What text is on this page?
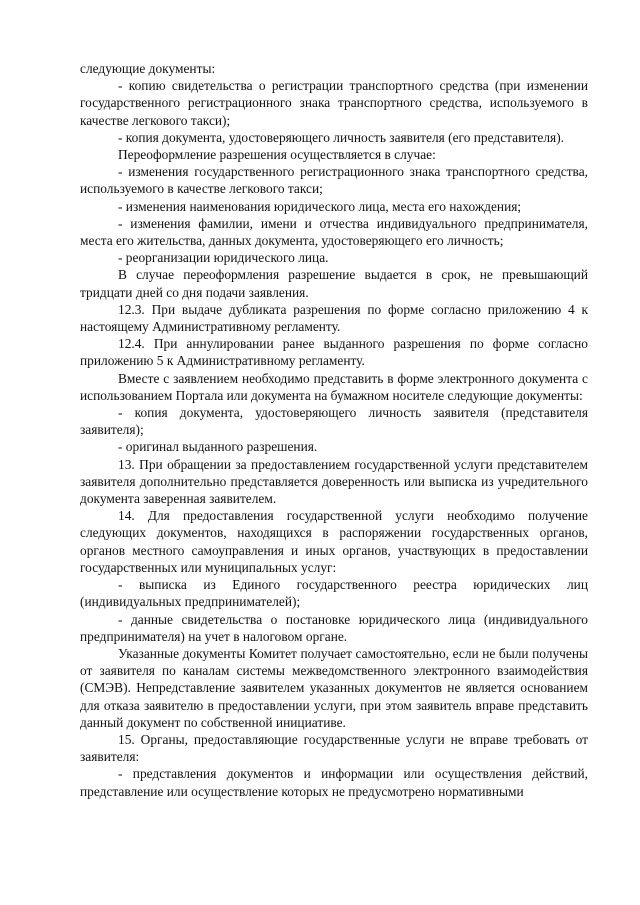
следующие документы:

- копию свидетельства о регистрации транспортного средства (при изменении государственного регистрационного знака транспортного средства, используемого в качестве легкового такси);

- копия документа, удостоверяющего личность заявителя (его представителя).

Переоформление разрешения осуществляется в случае:

- изменения государственного регистрационного знака транспортного средства, используемого в качестве легкового такси;

- изменения наименования юридического лица, места его нахождения;

- изменения фамилии, имени и отчества индивидуального предпринимателя, места его жительства, данных документа, удостоверяющего его личность;

- реорганизации юридического лица.

В случае переоформления разрешение выдается в срок, не превышающий тридцати дней со дня подачи заявления.

12.3. При выдаче дубликата разрешения по форме согласно приложению 4 к настоящему Административному регламенту.

12.4. При аннулировании ранее выданного разрешения по форме согласно приложению 5 к Административному регламенту.

Вместе с заявлением необходимо представить в форме электронного документа с использованием Портала или документа на бумажном носителе следующие документы:

- копия документа, удостоверяющего личность заявителя (представителя заявителя);

- оригинал выданного разрешения.

13. При обращении за предоставлением государственной услуги представителем заявителя дополнительно представляется доверенность или выписка из учредительного документа заверенная заявителем.

14. Для предоставления государственной услуги необходимо получение следующих документов, находящихся в распоряжении государственных органов, органов местного самоуправления и иных органов, участвующих в предоставлении государственных или муниципальных услуг:

- выписка из Единого государственного реестра юридических лиц (индивидуальных предпринимателей);

- данные свидетельства о постановке юридического лица (индивидуального предпринимателя) на учет в налоговом органе.

Указанные документы Комитет получает самостоятельно, если не были получены от заявителя по каналам системы межведомственного электронного взаимодействия (СМЭВ). Непредставление заявителем указанных документов не является основанием для отказа заявителю в предоставлении услуги, при этом заявитель вправе представить данный документ по собственной инициативе.

15. Органы, предоставляющие государственные услуги не вправе требовать от заявителя:

- представления документов и информации или осуществления действий, представление или осуществление которых не предусмотрено нормативными
